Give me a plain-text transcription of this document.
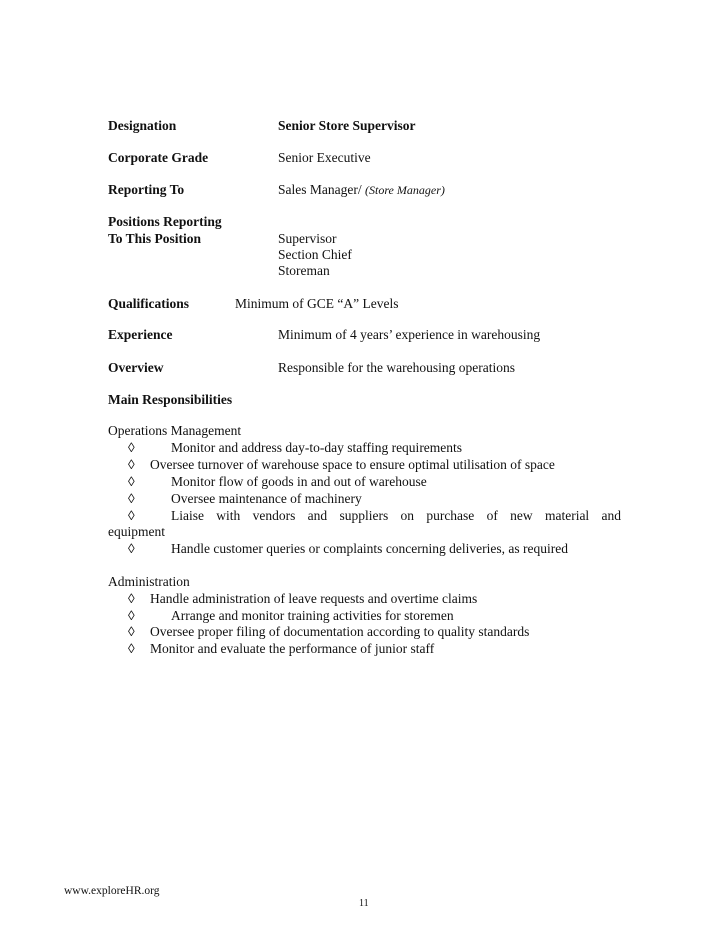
Designation	Senior Store Supervisor
Corporate Grade	Senior Executive
Reporting To	Sales Manager/ (Store Manager)
Positions Reporting
To This Position	Supervisor
Section Chief
Storeman
Qualifications	Minimum of GCE “A” Levels
Experience	Minimum of 4 years’ experience in warehousing
Overview	Responsible for the warehousing operations
Main Responsibilities
Operations Management
◊	Monitor and address day-to-day staffing requirements
◊ Oversee turnover of warehouse space to ensure optimal utilisation of space
◊	Monitor flow of goods in and out of warehouse
◊	Oversee maintenance of machinery
◊	Liaise with vendors and suppliers on purchase of new material and
equipment
◊	Handle customer queries or complaints concerning deliveries, as required
Administration
◊ Handle administration of leave requests and overtime claims
◊	Arrange and monitor training activities for storemen
◊ Oversee proper filing of documentation according to quality standards
◊ Monitor and evaluate the performance of junior staff
www.exploreHR.org
11
